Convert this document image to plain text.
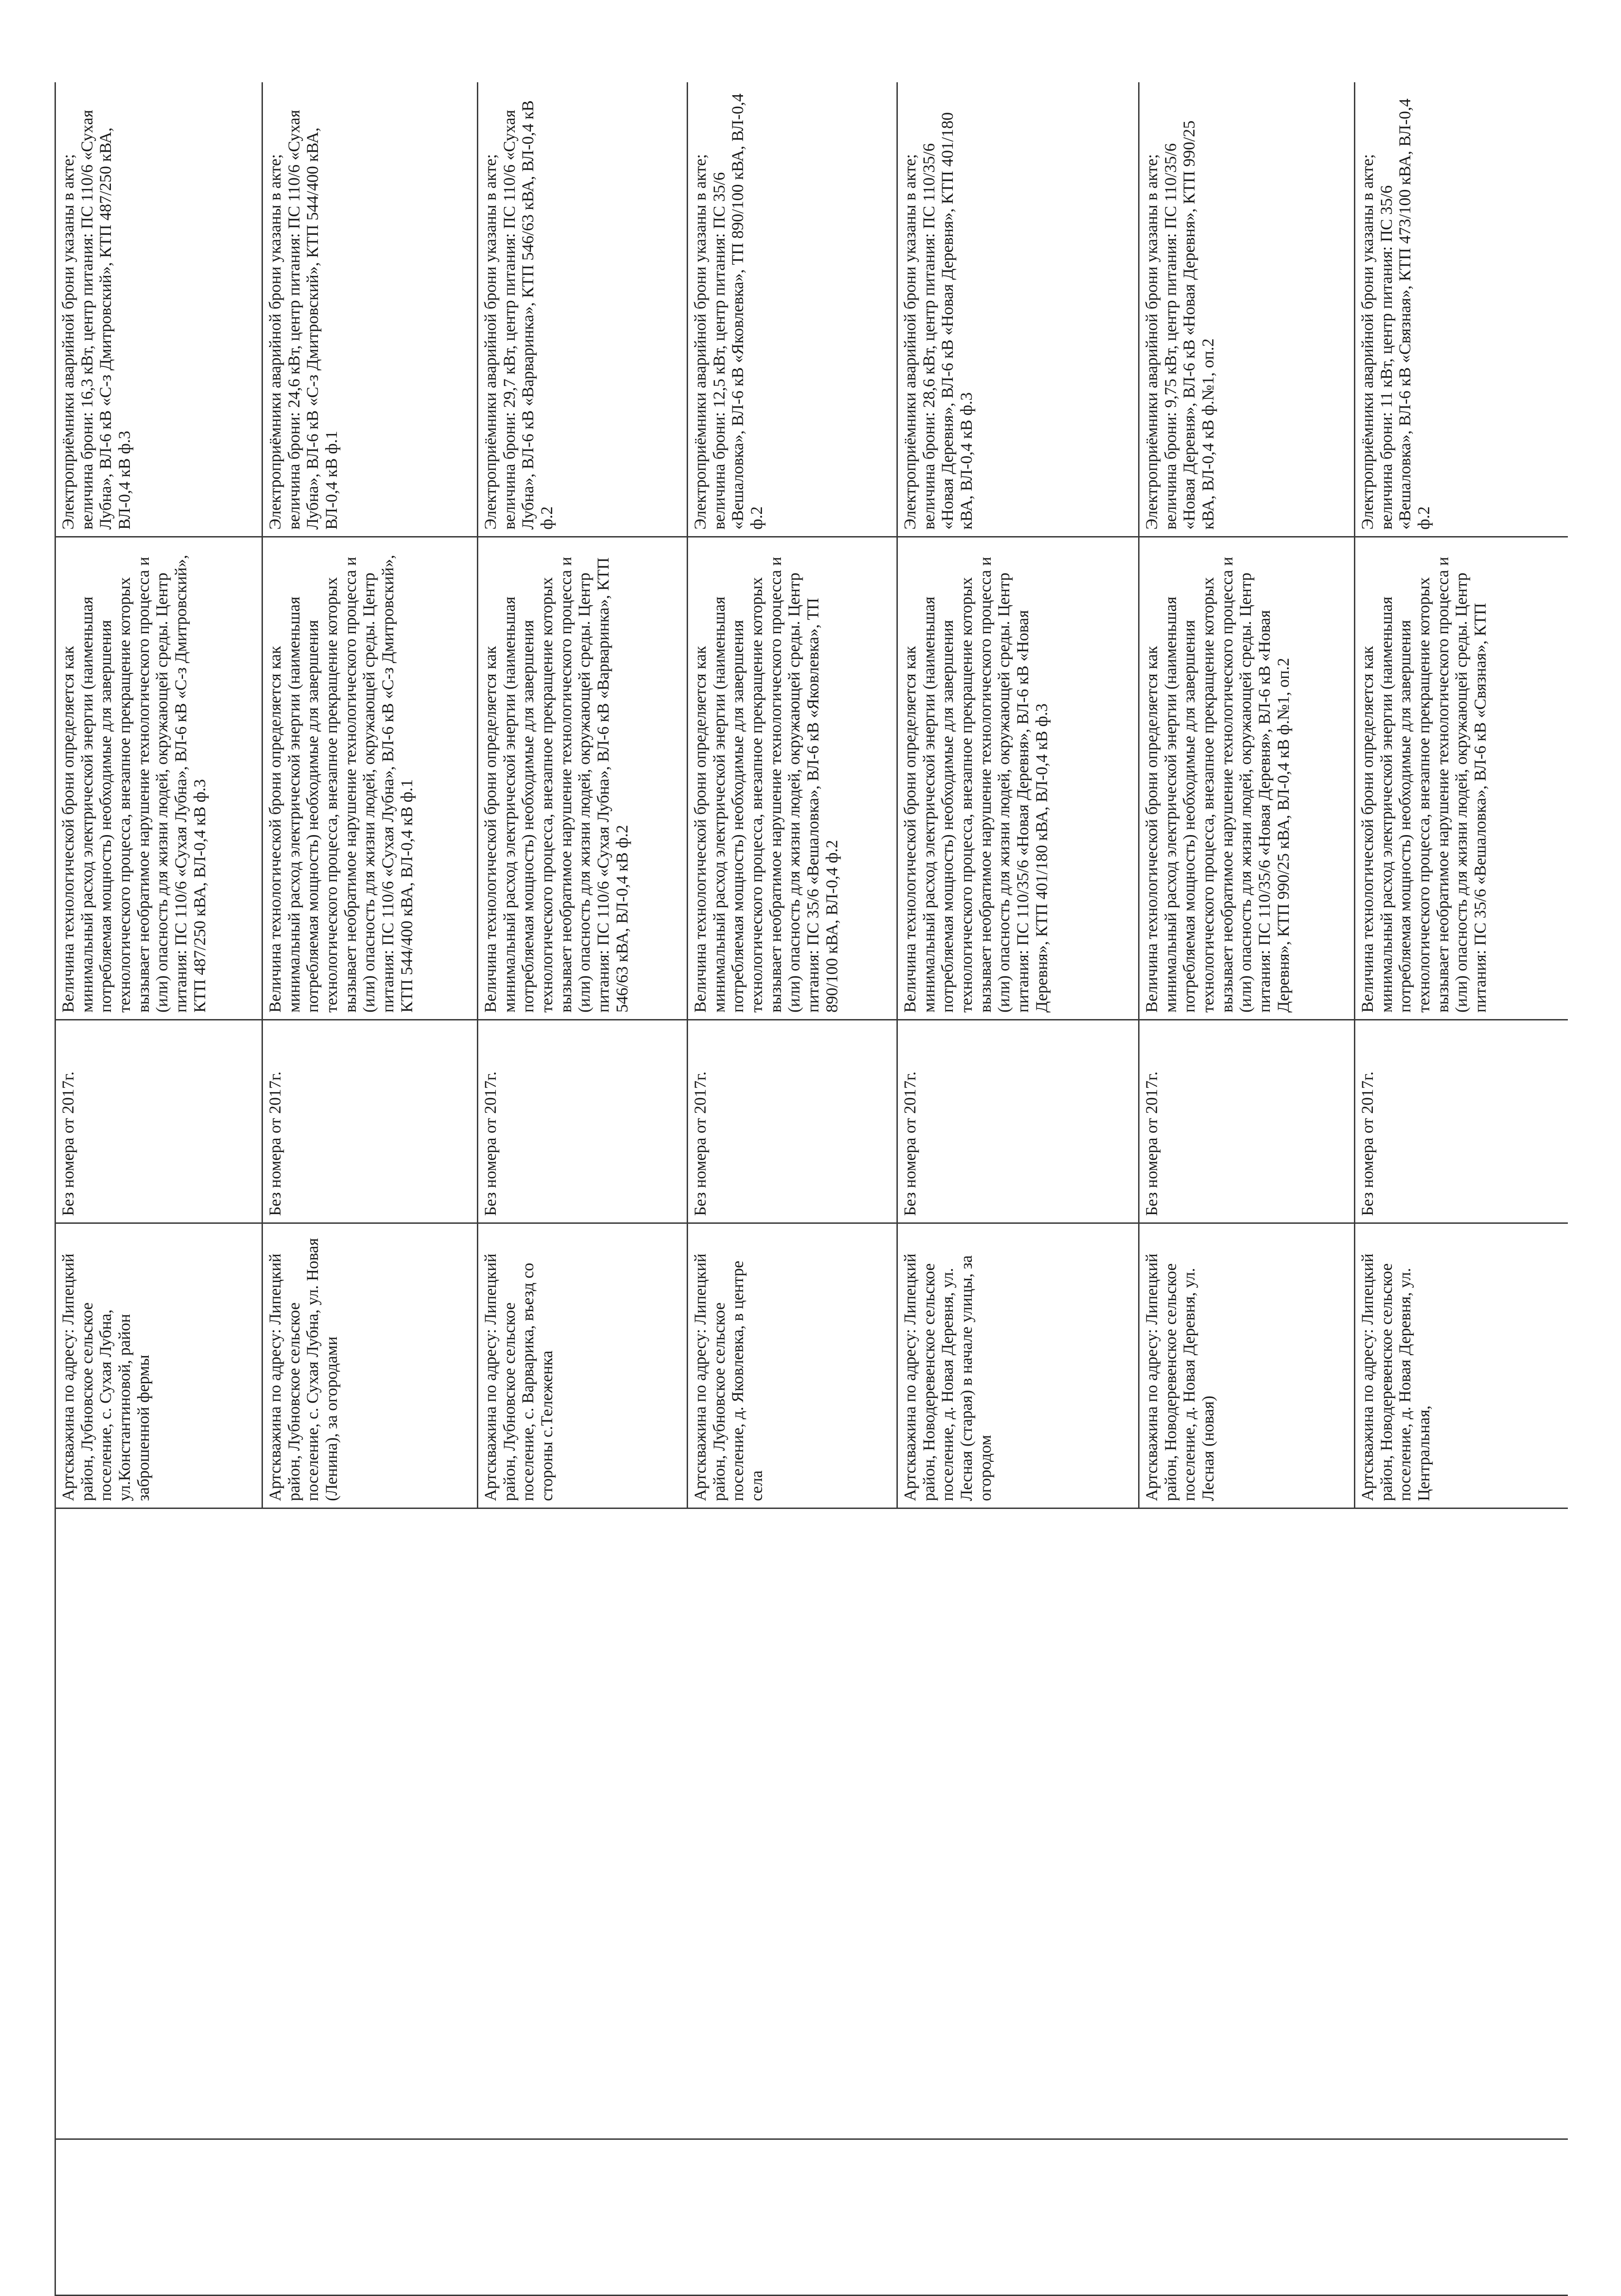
		Артскважина по адресу: Липецкий район, Лубновское сельское поселение, с. Сухая Лубна, ул.Константиновой, район заброшенной фермы	Без номера от 2017г.	Величина технологической брони определяется как минимальный расход электрической энергии (наименьшая потребляемая мощность) необходимые для завершения технологического процесса, внезапное прекращение которых вызывает необратимое нарушение технологического процесса и (или) опасность для жизни людей, окружающей среды. Центр питания: ПС 110/6 «Сухая Лубна», ВЛ-6 кВ «С-з Дмитровский», КТП 487/250 кВА, ВЛ-0,4 кВ ф.3	Электроприёмники аварийной брони указаны в акте; величина брони: 16,3 кВт, центр питания: ПС 110/6 «Сухая Лубна», ВЛ-6 кВ «С-з Дмитровский», КТП 487/250 кВА, ВЛ-0,4 кВ ф.3

		Артскважина по адресу: Липецкий район, Лубновское сельское поселение, с. Сухая Лубна, ул. Новая (Ленина), за огородами	Без номера от 2017г.	Величина технологической брони определяется как минимальный расход электрической энергии (наименьшая потребляемая мощность) необходимые для завершения технологического процесса, внезапное прекращение которых вызывает необратимое нарушение технологического процесса и (или) опасность для жизни людей, окружающей среды. Центр питания: ПС 110/6 «Сухая Лубна», ВЛ-6 кВ «С-з Дмитровский», КТП 544/400 кВА, ВЛ-0,4 кВ ф.1	Электроприёмники аварийной брони указаны в акте; величина брони: 24,6 кВт, центр питания: ПС 110/6 «Сухая Лубна», ВЛ-6 кВ «С-з Дмитровский», КТП 544/400 кВА, ВЛ-0,4 кВ ф.1

		Артскважина по адресу: Липецкий район, Лубновское сельское поселение, с. Варварика, въезд со стороны с.Тележенка	Без номера от 2017г.	Величина технологической брони определяется как минимальный расход электрической энергии (наименьшая потребляемая мощность) необходимые для завершения технологического процесса, внезапное прекращение которых вызывает необратимое нарушение технологического процесса и (или) опасность для жизни людей, окружающей среды. Центр питания: ПС 110/6 «Сухая Лубна», ВЛ-6 кВ «Варваринка», КТП 546/63 кВА, ВЛ-0,4 кВ ф.2	Электроприёмники аварийной брони указаны в акте; величина брони: 29,7 кВт, центр питания: ПС 110/6 «Сухая Лубна», ВЛ-6 кВ «Варваринка», КТП 546/63 кВА, ВЛ-0,4 кВ ф.2

		Артскважина по адресу: Липецкий район, Лубновское сельское поселение, д. Яковлевка, в центре села	Без номера от 2017г.	Величина технологической брони определяется как минимальный расход электрической энергии (наименьшая потребляемая мощность) необходимые для завершения технологического процесса, внезапное прекращение которых вызывает необратимое нарушение технологического процесса и (или) опасность для жизни людей, окружающей среды. Центр питания: ПС 35/6 «Вешаловка», ВЛ-6 кВ «Яковлевка», ТП 890/100 кВА, ВЛ-0,4 ф.2	Электроприёмники аварийной брони указаны в акте; величина брони: 12,5 кВт, центр питания: ПС 35/6 «Вешаловка», ВЛ-6 кВ «Яковлевка», ТП 890/100 кВА, ВЛ-0,4 ф.2

		Артскважина по адресу: Липецкий район, Новодеревенское сельское поселение, д. Новая Деревня, ул. Лесная (старая) в начале улицы, за огородом	Без номера от 2017г.	Величина технологической брони определяется как минимальный расход электрической энергии (наименьшая потребляемая мощность) необходимые для завершения технологического процесса, внезапное прекращение которых вызывает необратимое нарушение технологического процесса и (или) опасность для жизни людей, окружающей среды. Центр питания: ПС 110/35/6 «Новая Деревня», ВЛ-6 кВ «Новая Деревня», КТП 401/180 кВА, ВЛ-0,4 кВ ф.3	Электроприёмники аварийной брони указаны в акте; величина брони: 28,6 кВт, центр питания: ПС 110/35/6 «Новая Деревня», ВЛ-6 кВ «Новая Деревня», КТП 401/180 кВА, ВЛ-0,4 кВ ф.3

		Артскважина по адресу: Липецкий район, Новодеревенское сельское поселение, д. Новая Деревня, ул. Лесная (новая)	Без номера от 2017г.	Величина технологической брони определяется как минимальный расход электрической энергии (наименьшая потребляемая мощность) необходимые для завершения технологического процесса, внезапное прекращение которых вызывает необратимое нарушение технологического процесса и (или) опасность для жизни людей, окружающей среды. Центр питания: ПС 110/35/6 «Новая Деревня», ВЛ-6 кВ «Новая Деревня», КТП 990/25 кВА, ВЛ-0,4 кВ ф.№1, оп.2	Электроприёмники аварийной брони указаны в акте; величина брони: 9,75 кВт, центр питания: ПС 110/35/6 «Новая Деревня», ВЛ-6 кВ «Новая Деревня», КТП 990/25 кВА, ВЛ-0,4 кВ ф.№1, оп.2

		Артскважина по адресу: Липецкий район, Новодеревенское сельское поселение, д. Новая Деревня, ул. Центральная,	Без номера от 2017г.	Величина технологической брони определяется как минимальный расход электрической энергии (наименьшая потребляемая мощность) необходимые для завершения технологического процесса, внезапное прекращение которых вызывает необратимое нарушение технологического процесса и (или) опасность для жизни людей, окружающей среды. Центр питания: ПС 35/6 «Вешаловка», ВЛ-6 кВ «Связная», КТП	Электроприёмники аварийной брони указаны в акте; величина брони: 11 кВт, центр питания: ПС 35/6 «Вешаловка», ВЛ-6 кВ «Связная», КТП 473/100 кВА, ВЛ-0,4 ф.2
